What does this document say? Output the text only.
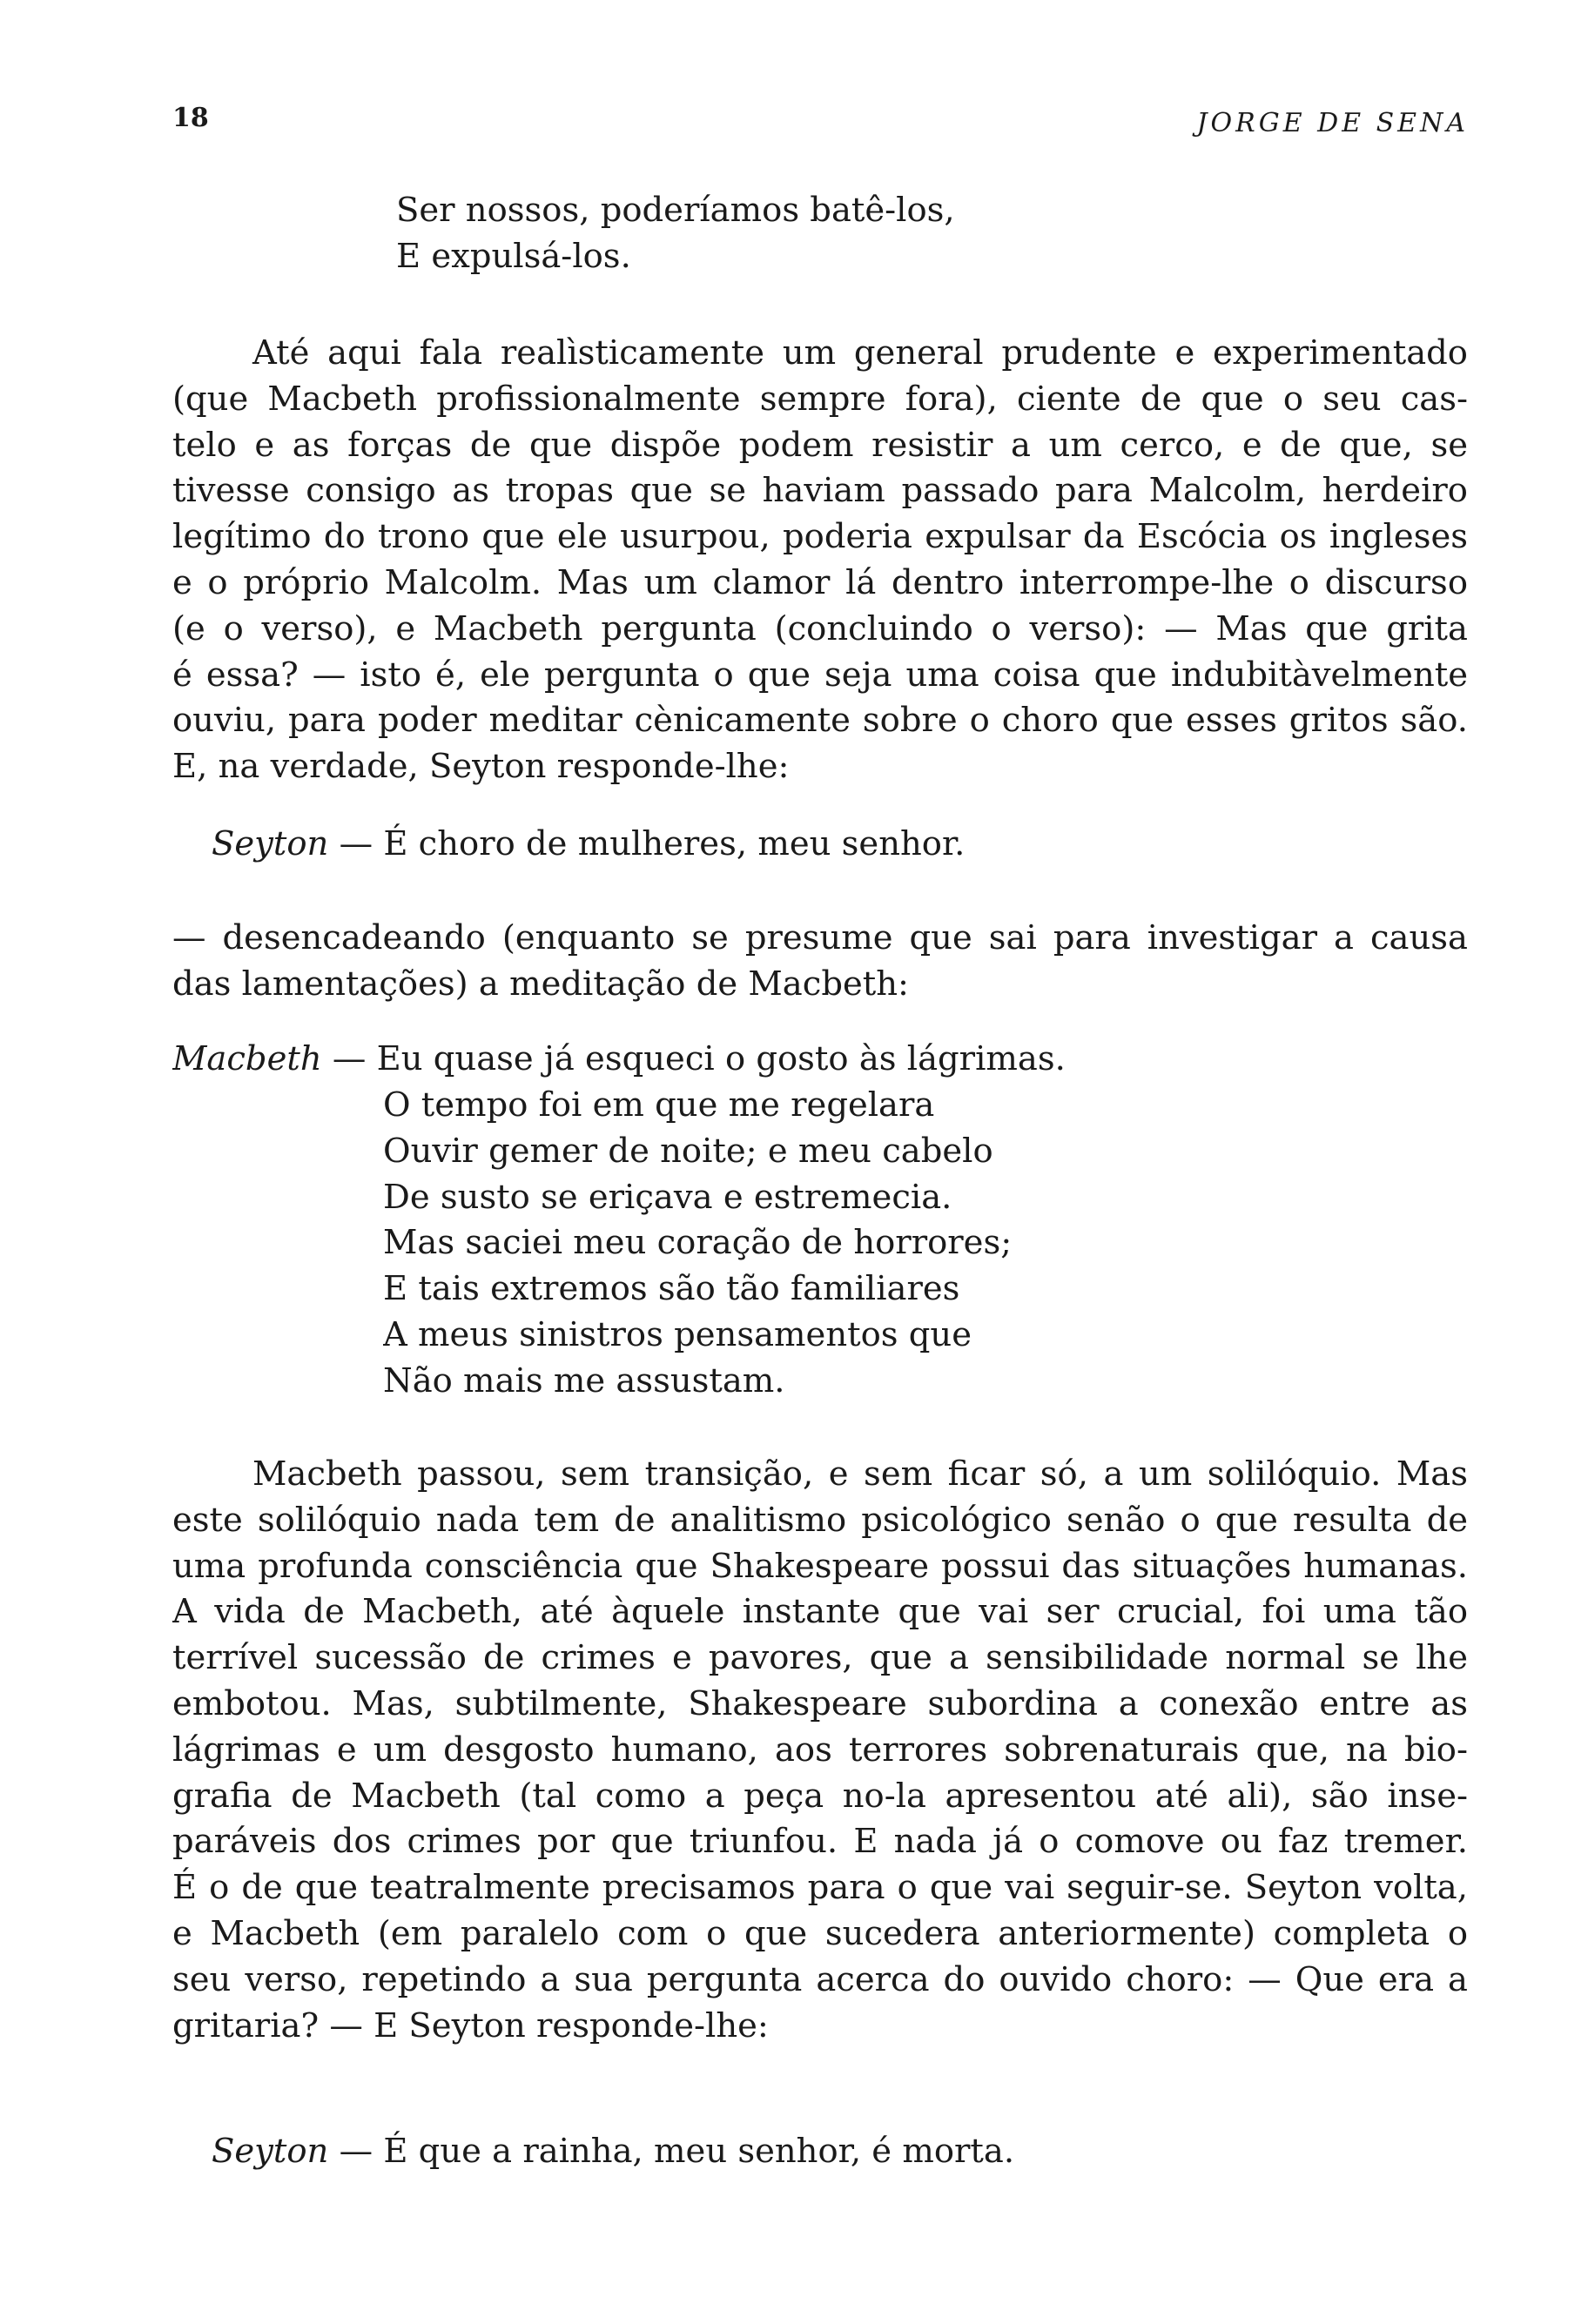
18	JORGE DE SENA
Ser nossos, poderíamos batê-los,
E expulsá-los.
Até aqui fala realìsticamente um general prudente e experimentado
(que Macbeth profissionalmente sempre fora), ciente de que o seu cas-
telo e as forças de que dispõe podem resistir a um cerco, e de que, se
tivesse consigo as tropas que se haviam passado para Malcolm, herdeiro
legítimo do trono que ele usurpou, poderia expulsar da Escócia os ingleses
e o próprio Malcolm. Mas um clamor lá dentro interrompe-lhe o discurso
(e o verso), e Macbeth pergunta (concluindo o verso): — Mas que grita
é essa? — isto é, ele pergunta o que seja uma coisa que indubitàvelmente
ouviu, para poder meditar cènicamente sobre o choro que esses gritos são.
E, na verdade, Seyton responde-lhe:
Seyton — É choro de mulheres, meu senhor.
— desencadeando (enquanto se presume que sai para investigar a causa
das lamentações) a meditação de Macbeth:
Macbeth — Eu quase já esqueci o gosto às lágrimas.
O tempo foi em que me regelara
Ouvir gemer de noite; e meu cabelo
De susto se eriçava e estremecia.
Mas saciei meu coração de horrores;
E tais extremos são tão familiares
A meus sinistros pensamentos que
Não mais me assustam.
Macbeth passou, sem transição, e sem ficar só, a um solilóquio. Mas
este solilóquio nada tem de analitismo psicológico senão o que resulta de
uma profunda consciência que Shakespeare possui das situações humanas.
A vida de Macbeth, até àquele instante que vai ser crucial, foi uma tão
terrível sucessão de crimes e pavores, que a sensibilidade normal se lhe
embotou. Mas, subtilmente, Shakespeare subordina a conexão entre as
lágrimas e um desgosto humano, aos terrores sobrenaturais que, na bio-
grafia de Macbeth (tal como a peça no-la apresentou até ali), são inse-
paráveis dos crimes por que triunfou. E nada já o comove ou faz tremer.
É o de que teatralmente precisamos para o que vai seguir-se. Seyton volta,
e Macbeth (em paralelo com o que sucedera anteriormente) completa o
seu verso, repetindo a sua pergunta acerca do ouvido choro: — Que era a
gritaria? — E Seyton responde-lhe:
Seyton — É que a rainha, meu senhor, é morta.
